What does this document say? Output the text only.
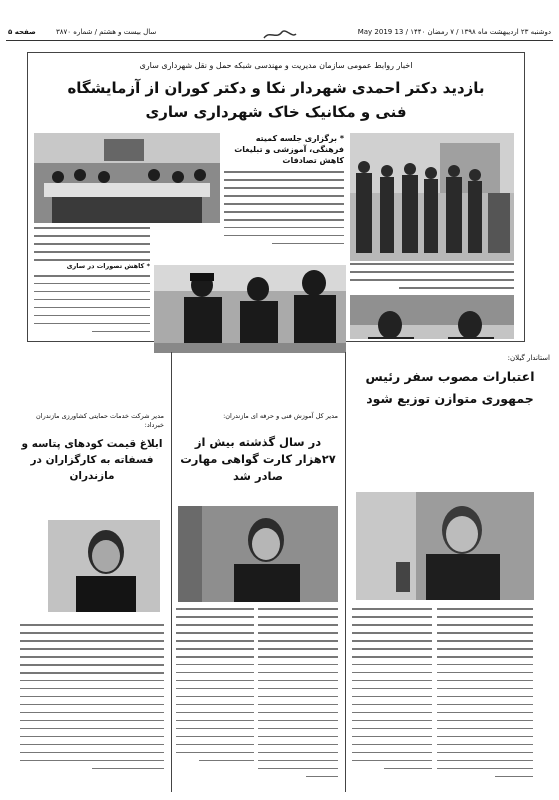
دوشنبه ۲۳ اردیبهشت ماه ۱۳۹۸ / ۷ رمضان ۱۴۴۰ / 13 May 2019
سال بیست و هشتم / شماره ۳۸۷۰
صفحه ۵
اخبار روابط عمومی سازمان مدیریت و مهندسی شبکه حمل و نقل شهرداری ساری
بازدید دکتر احمدی شهردار نکا و دکتر کوران از آزمایشگاه
فنی و مکانیک خاک شهرداری ساری
* برگزاری جلسه کمیته
فرهنگی، آموزشی و تبلیغات
کاهش تصادفات
* کاهش تصورات در ساری
استاندار گیلان:
اعتبارات مصوب سفر رئیس جمهوری متوازن توزیع شود
مدیر کل آموزش فنی و حرفه ای مازندران:
در سال گذشته بیش از ۲۷هزار کارت گواهی مهارت صادر شد
مدیر شرکت خدمات حمایتی کشاورزی مازندران خبرداد:
ابلاغ قیمت کودهای پتاسه و فسفاته به کارگزاران در مازندران
